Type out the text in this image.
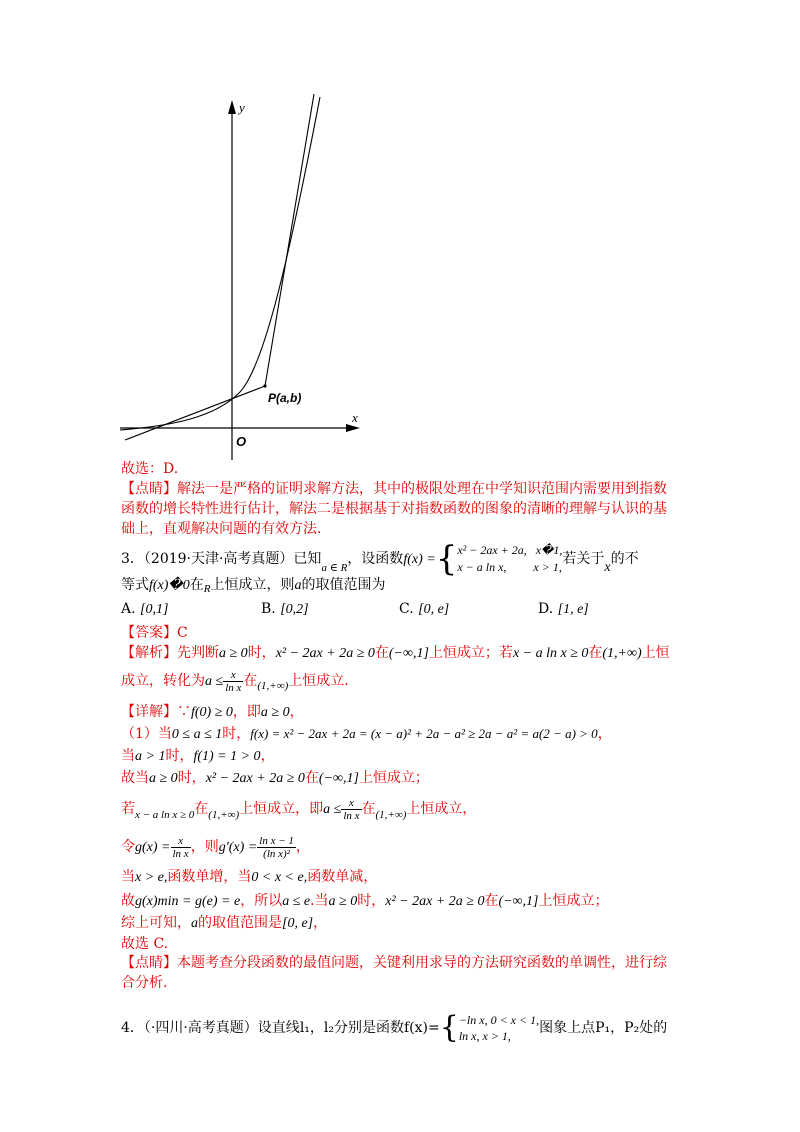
y
x
O
P(a,b)
故选：D.
【点睛】解法一是严格的证明求解方法，其中的极限处理在中学知识范围内需要用到指数
函数的增长特性进行估计，解法二是根据基于对指数函数的图象的清晰的理解与认识的基
础上，直观解决问题的有效方法.
3．（2019·天津·高考真题）已知$_{a \in R}$，设函数f(x) ={ x² − 2ax + 2a, x�1,
x − a ln x, x > 1, 若关于x的不
等式f(x)�0在$_R$上恒成立，则a的取值范围为
A. [0,1]	B. [0,2]	C. [0, e]	D. [1, e]
【答案】C
【解析】先判断a ≥ 0时，x² − 2ax + 2a ≥ 0在(−∞,1]上恒成立；若x − a ln x ≥ 0在(1,+∞)上恒
成立，转化为$a \le \frac{x}{\text{ln x}}$ 在$_{(1,+\infty)}$上恒成立.
【详解】∵f(0) ≥ 0，即a ≥ 0，
（1）当0 ≤ a ≤ 1时，f(x) = x² − 2ax + 2a = (x − a)² + 2a − a² ≥ 2a − a² = a(2 − a) > 0，
当a > 1时，f(1) = 1 > 0，
故当a ≥ 0时，x² − 2ax + 2a ≥ 0在(−∞,1]上恒成立；
若$_{x - a ln x \ge 0}$在$_{(1,+\infty)}$上恒成立，即$a \le \frac{x}{\text{ln x}}$ 在$_{(1,+\infty)}$上恒成立，
令$g(x) = \frac{x}{\text{ln x}}$ ，则$g'(x) = \frac{\text{ln x − 1}}{\text{(ln x)²}}$ ，
当x > e,函数单增，当0 < x < e,函数单减，
故g(x)min = g(e) = e，所以a ≤ e.当a ≥ 0时，x² − 2ax + 2a ≥ 0在(−∞,1]上恒成立；
综上可知，a的取值范围是[0, e]，
故选 C.
【点睛】本题考查分段函数的最值问题，关键利用求导的方法研究函数的单调性，进行综
合分析.
4．（·四川·高考真题）设直线l₁，l₂分别是函数f(x)={ −ln x, 0 < x < 1,
ln x, x > 1,	图象上点P₁，P₂处的
